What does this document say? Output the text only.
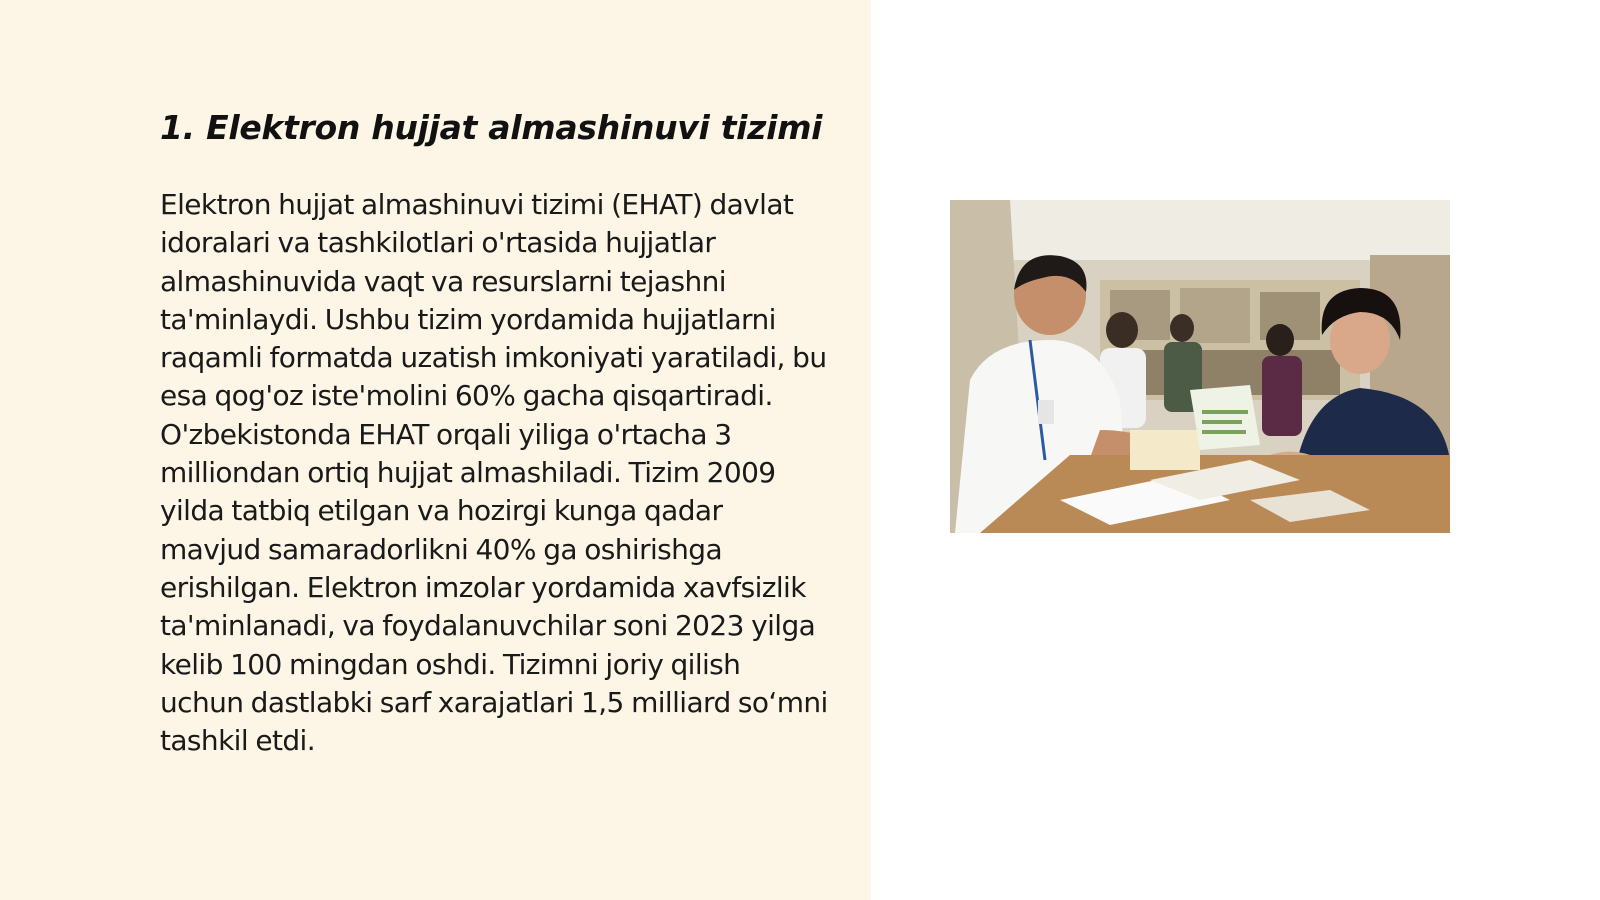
1. Elektron hujjat almashinuvi tizimi

Elektron hujjat almashinuvi tizimi (EHAT) davlat idoralari va tashkilotlari o'rtasida hujjatlar almashinuvida vaqt va resurslarni tejashni ta'minlaydi. Ushbu tizim yordamida hujjatlarni raqamli formatda uzatish imkoniyati yaratiladi, bu esa qog'oz iste'molini 60% gacha qisqartiradi. O'zbekistonda EHAT orqali yiliga o'rtacha 3 milliondan ortiq hujjat almashiladi. Tizim 2009 yilda tatbiq etilgan va hozirgi kunga qadar mavjud samaradorlikni 40% ga oshirishga erishilgan. Elektron imzolar yordamida xavfsizlik ta'minlanadi, va foydalanuvchilar soni 2023 yilga kelib 100 mingdan oshdi. Tizimni joriy qilish uchun dastlabki sarf xarajatlari 1,5 milliard so‘mni tashkil etdi.
